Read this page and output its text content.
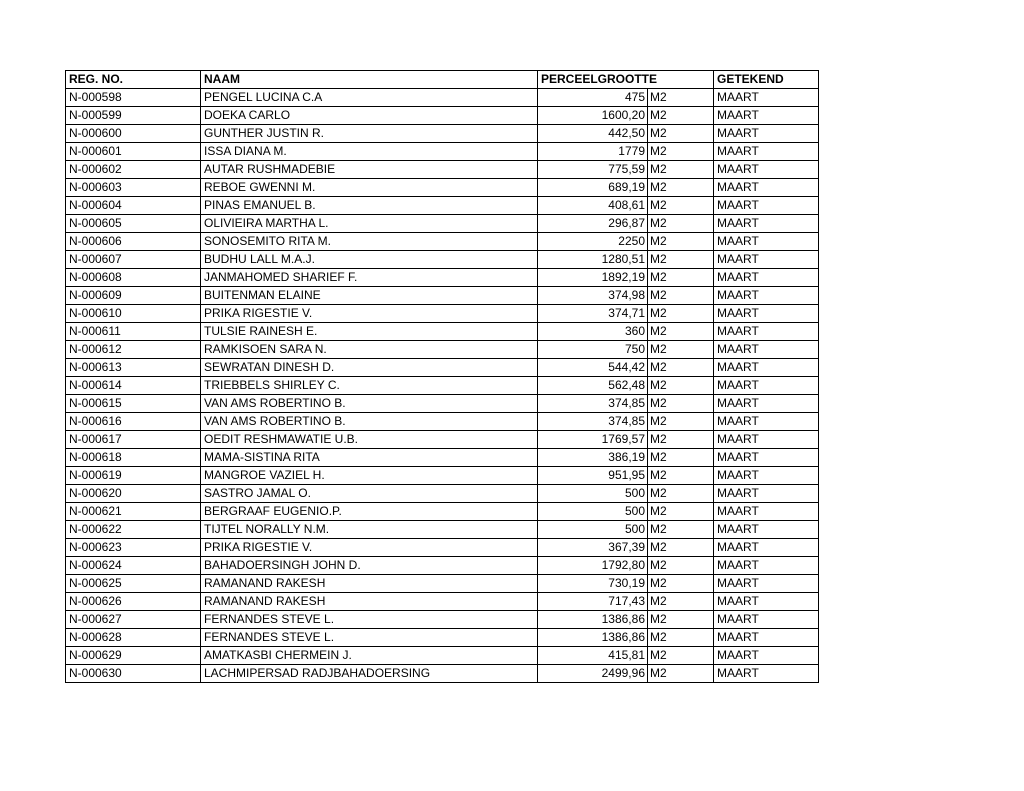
REG. NO.	NAAM	PERCEELGROOTTE		GETEKEND
N-000598	PENGEL LUCINA C.A	475	M2	MAART
N-000599	DOEKA CARLO	1600,20	M2	MAART
N-000600	GUNTHER JUSTIN R.	442,50	M2	MAART
N-000601	ISSA DIANA M.	1779	M2	MAART
N-000602	AUTAR RUSHMADEBIE	775,59	M2	MAART
N-000603	REBOE GWENNI M.	689,19	M2	MAART
N-000604	PINAS EMANUEL B.	408,61	M2	MAART
N-000605	OLIVIEIRA MARTHA L.	296,87	M2	MAART
N-000606	SONOSEMITO RITA M.	2250	M2	MAART
N-000607	BUDHU LALL M.A.J.	1280,51	M2	MAART
N-000608	JANMAHOMED SHARIEF F.	1892,19	M2	MAART
N-000609	BUITENMAN ELAINE	374,98	M2	MAART
N-000610	PRIKA RIGESTIE V.	374,71	M2	MAART
N-000611	TULSIE RAINESH E.	360	M2	MAART
N-000612	RAMKISOEN SARA N.	750	M2	MAART
N-000613	SEWRATAN DINESH D.	544,42	M2	MAART
N-000614	TRIEBBELS SHIRLEY C.	562,48	M2	MAART
N-000615	VAN AMS ROBERTINO B.	374,85	M2	MAART
N-000616	VAN AMS ROBERTINO B.	374,85	M2	MAART
N-000617	OEDIT RESHMAWATIE U.B.	1769,57	M2	MAART
N-000618	MAMA-SISTINA RITA	386,19	M2	MAART
N-000619	MANGROE VAZIEL H.	951,95	M2	MAART
N-000620	SASTRO JAMAL O.	500	M2	MAART
N-000621	BERGRAAF EUGENIO.P.	500	M2	MAART
N-000622	TIJTEL NORALLY N.M.	500	M2	MAART
N-000623	PRIKA RIGESTIE V.	367,39	M2	MAART
N-000624	BAHADOERSINGH JOHN D.	1792,80	M2	MAART
N-000625	RAMANAND RAKESH	730,19	M2	MAART
N-000626	RAMANAND RAKESH	717,43	M2	MAART
N-000627	FERNANDES STEVE L.	1386,86	M2	MAART
N-000628	FERNANDES STEVE L.	1386,86	M2	MAART
N-000629	AMATKASBI CHERMEIN J.	415,81	M2	MAART
N-000630	LACHMIPERSAD RADJBAHADOERSING	2499,96	M2	MAART
